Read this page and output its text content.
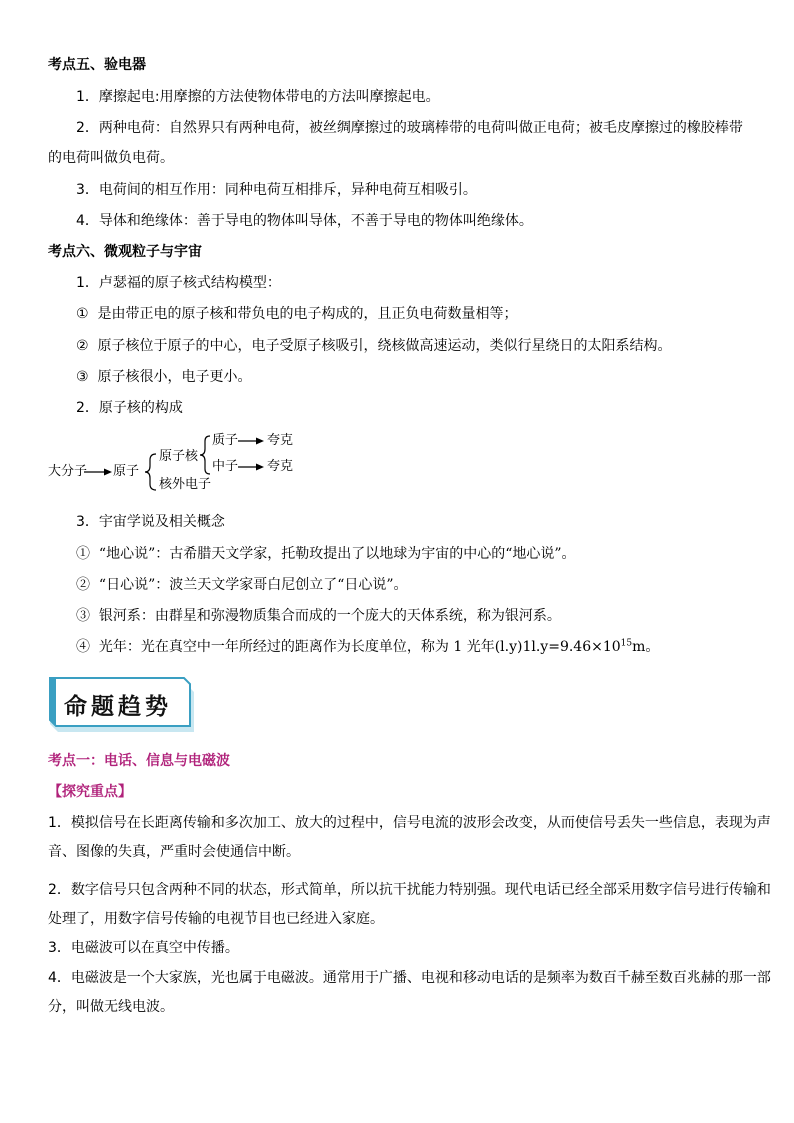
考点五、验电器
1．摩擦起电:用摩擦的方法使物体带电的方法叫摩擦起电。
2．两种电荷：自然界只有两种电荷，被丝绸摩擦过的玻璃棒带的电荷叫做正电荷；被毛皮摩擦过的橡胶棒带
的电荷叫做负电荷。
3．电荷间的相互作用：同种电荷互相排斥，异种电荷互相吸引。
4．导体和绝缘体：善于导电的物体叫导体，不善于导电的物体叫绝缘体。
考点六、微观粒子与宇宙
1．卢瑟福的原子核式结构模型：
① 是由带正电的原子核和带负电的电子构成的，且正负电荷数量相等；
② 原子核位于原子的中心，电子受原子核吸引，绕核做高速运动，类似行星绕日的太阳系结构。
③ 原子核很小，电子更小。
2．原子核的构成
大分子 原子
原子核
核外电子
质子
中子
夸克
夸克
3．宇宙学说及相关概念
① “地心说”：古希腊天文学家，托勒玫提出了以地球为宇宙的中心的“地心说”。
② “日心说”：波兰天文学家哥白尼创立了“日心说”。
③ 银河系：由群星和弥漫物质集合而成的一个庞大的天体系统，称为银河系。
④ 光年：光在真空中一年所经过的距离作为长度单位，称为 1 光年$(l.y)1l.y=9.46\times 10^{15}m$。
命题趋势
考点一：电话、信息与电磁波
【探究重点】
1．模拟信号在长距离传输和多次加工、放大的过程中，信号电流的波形会改变，从而使信号丢失一些信息，表现为声音、图像的失真，严重时会使通信中断。
2．数字信号只包含两种不同的状态，形式简单，所以抗干扰能力特别强。现代电话已经全部采用数字信号进行传输和处理了，用数字信号传输的电视节目也已经进入家庭。
3．电磁波可以在真空中传播。
4．电磁波是一个大家族，光也属于电磁波。通常用于广播、电视和移动电话的是频率为数百千赫至数百兆赫的那一部分，叫做无线电波。
